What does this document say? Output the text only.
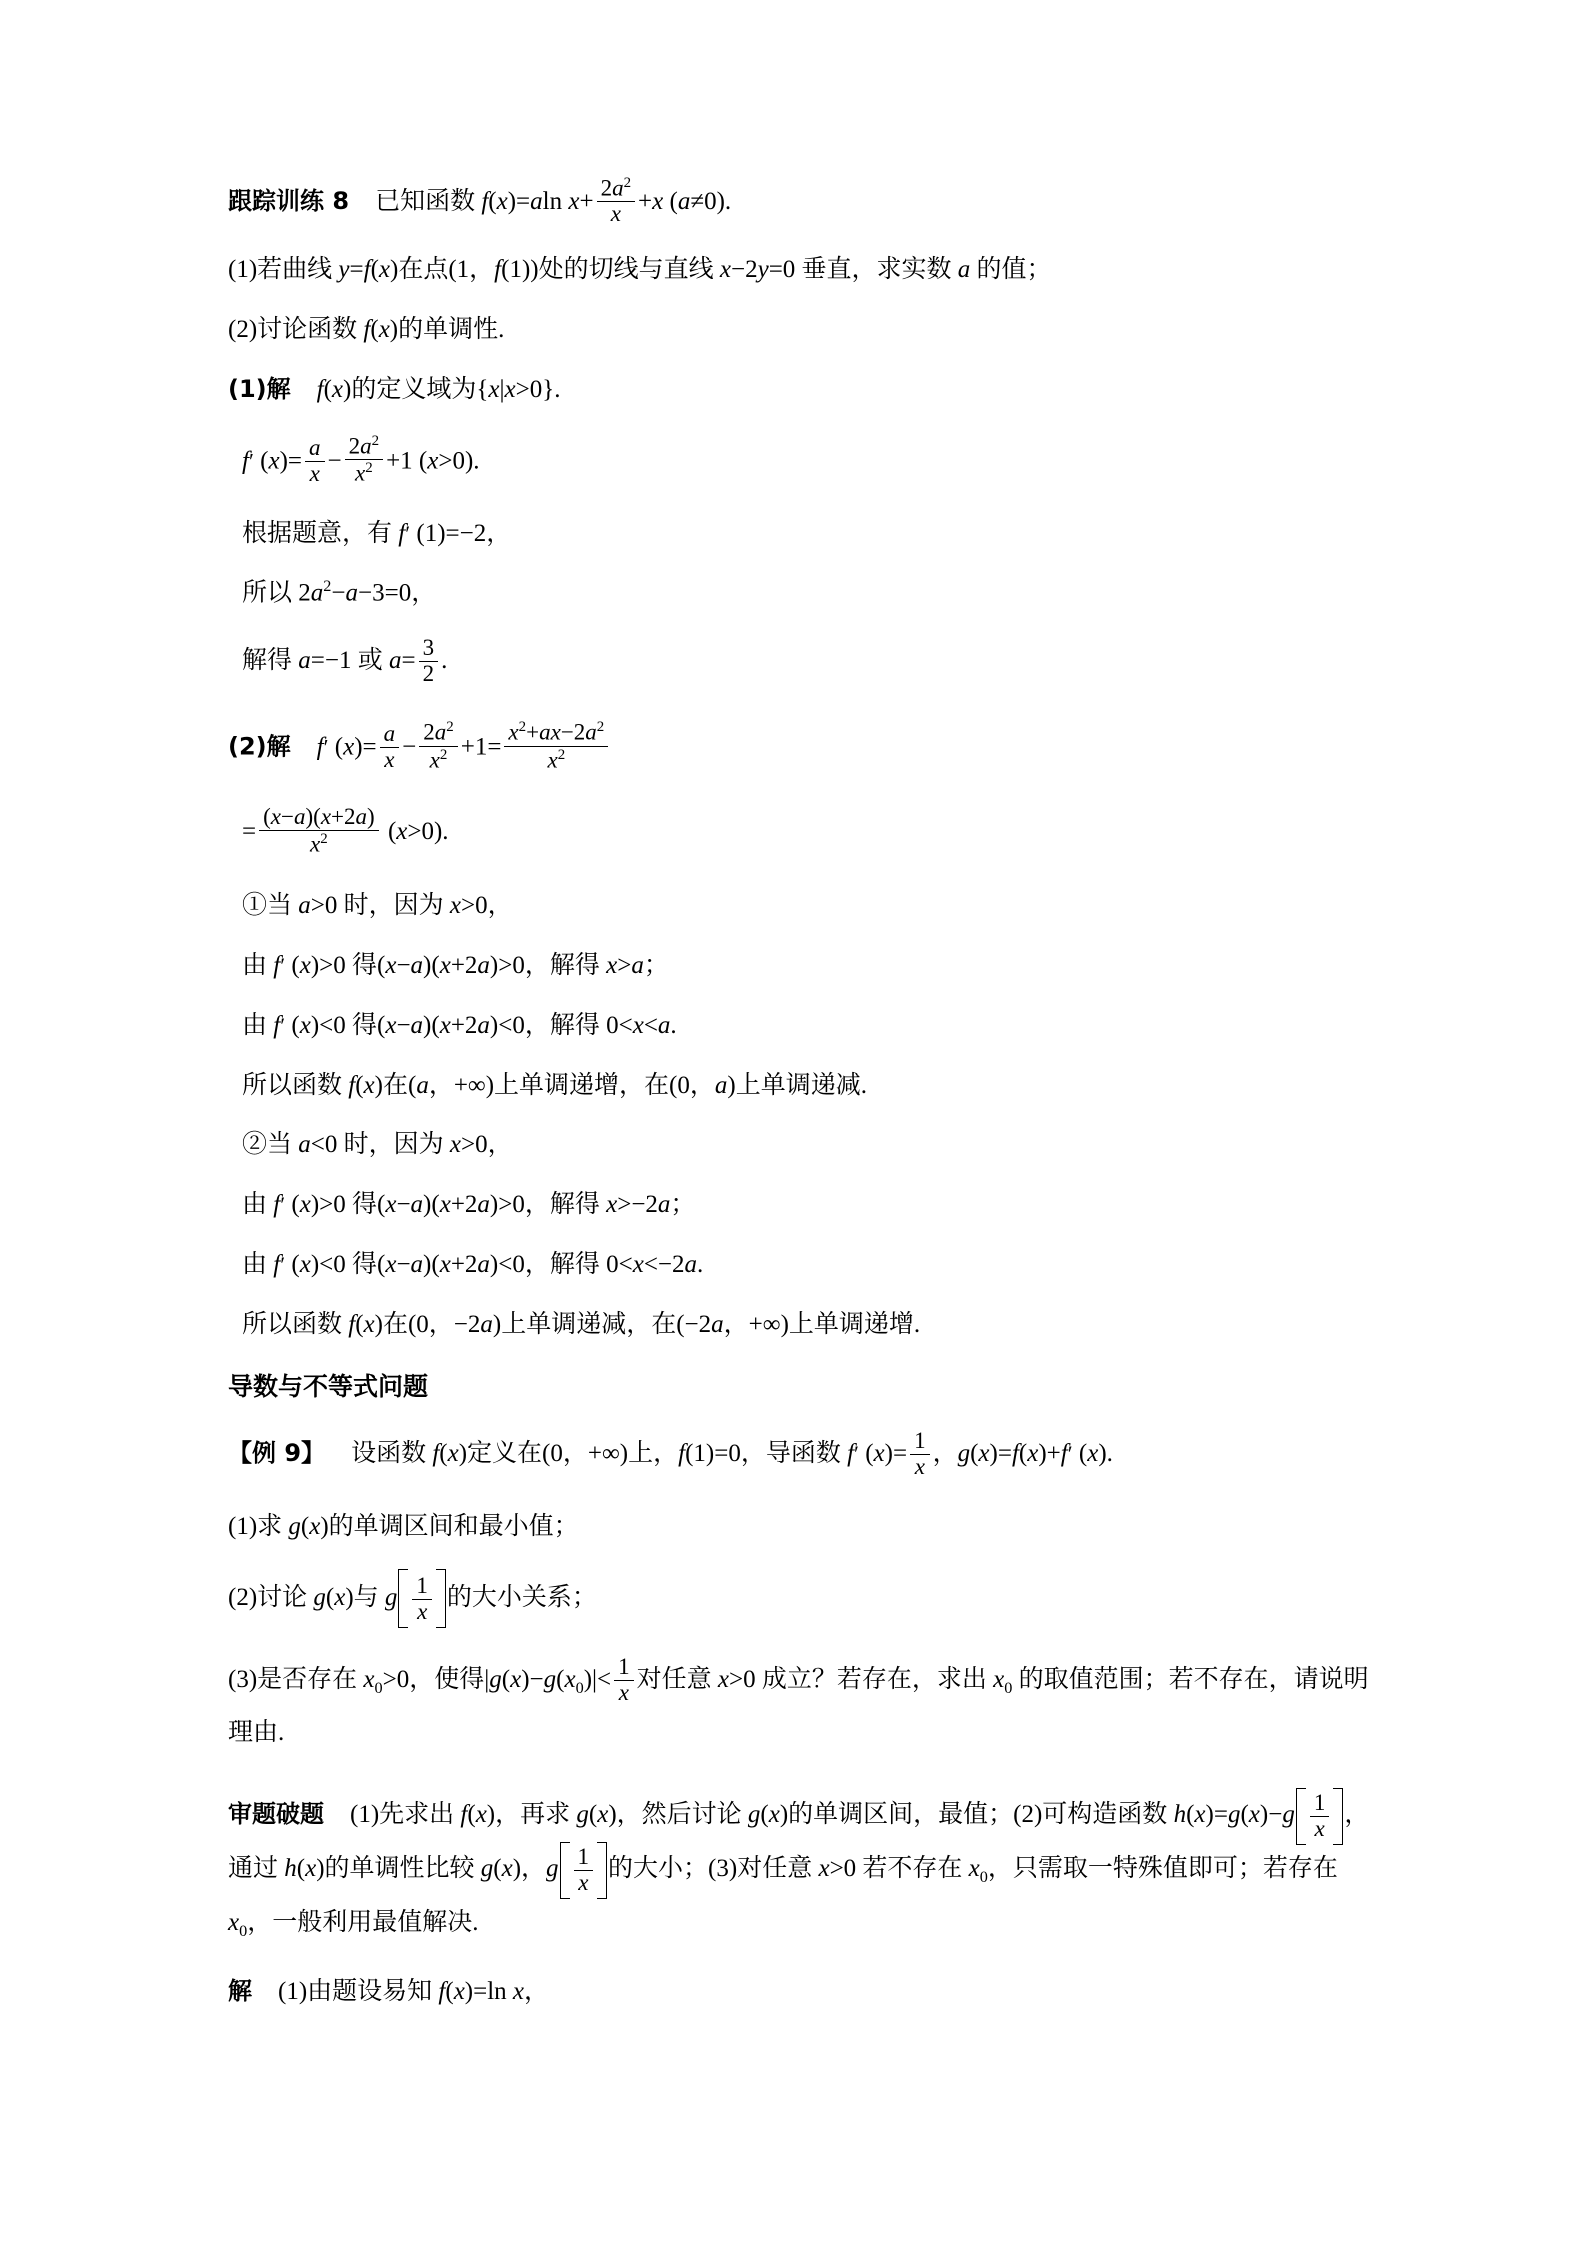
跟踪训练 8 已知函数 f(x)=aln $x+ \frac{2a^2}{x} +x$ (a≠0).
(1)若曲线 y=f(x)在点(1，f(1))处的切线与直线 x−2y=0 垂直，求实数 a 的值；
(2)讨论函数 f(x)的单调性.
(1)解 f(x)的定义域为{x|x>0}.
f′ $(x)= \frac{a}{x} - \frac{2a^2}{x^2} +1$ (x>0).
根据题意，有 f′ (1)=−2，
所以 $2a^2-a-3=0$，
解得 a=−1 或 $a= \frac{3}{2}$ .
(2)解 f′ $(x)= \frac{a}{x} - \frac{2a^2}{x^2} +1= \frac{x^2+ax-2a^2}{x^2}$
= $\frac{(x-a)(x+2a)}{x^2} (x>0)$.
①当 a>0 时，因为 x>0，
由 f′ (x)>0 得(x−a)(x+2a)>0，解得 x>a；
由 f′ (x)<0 得(x−a)(x+2a)<0，解得 0<x<a.
所以函数 f(x)在(a，+∞)上单调递增，在(0，a)上单调递减.
②当 a<0 时，因为 x>0，
由 f′ (x)>0 得(x−a)(x+2a)>0，解得 x>−2a；
由 f′ (x)<0 得(x−a)(x+2a)<0，解得 0<x<−2a.
所以函数 f(x)在(0，−2a)上单调递减，在(−2a，+∞)上单调递增.
导数与不等式问题
【例 9】 设函数 f(x)定义在(0，+∞)上，f(1)=0，导函数 f′ $(x)= \frac{1}{x}$ ，g(x)=f(x)+f′ (x).
(1)求 g(x)的单调区间和最小值；
(2)讨论 g(x)与 g $\frac{1}{x}$ 的大小关系；
(3)是否存在 $x_0>0$，使得$|g(x)-g(x_0)|< \frac{1}{x}$ 对任意 x>0 成立？若存在，求出 $x_0$ 的取值范围；若不存在，请说明理由.
审题破题 (1)先求出 f(x)，再求 g(x)，然后讨论 g(x)的单调区间，最值；(2)可构造函数 $h(x)=g(x)-g \frac{1}{x}$ ，通过 h(x)的单调性比较 g(x)，g $\frac{1}{x}$ 的大小；(3)对任意 x>0 若不存在 $x_0$，只需取一特殊值即可；若存在 $x_0$，一般利用最值解决.
解 (1)由题设易知 f(x)=ln x，
